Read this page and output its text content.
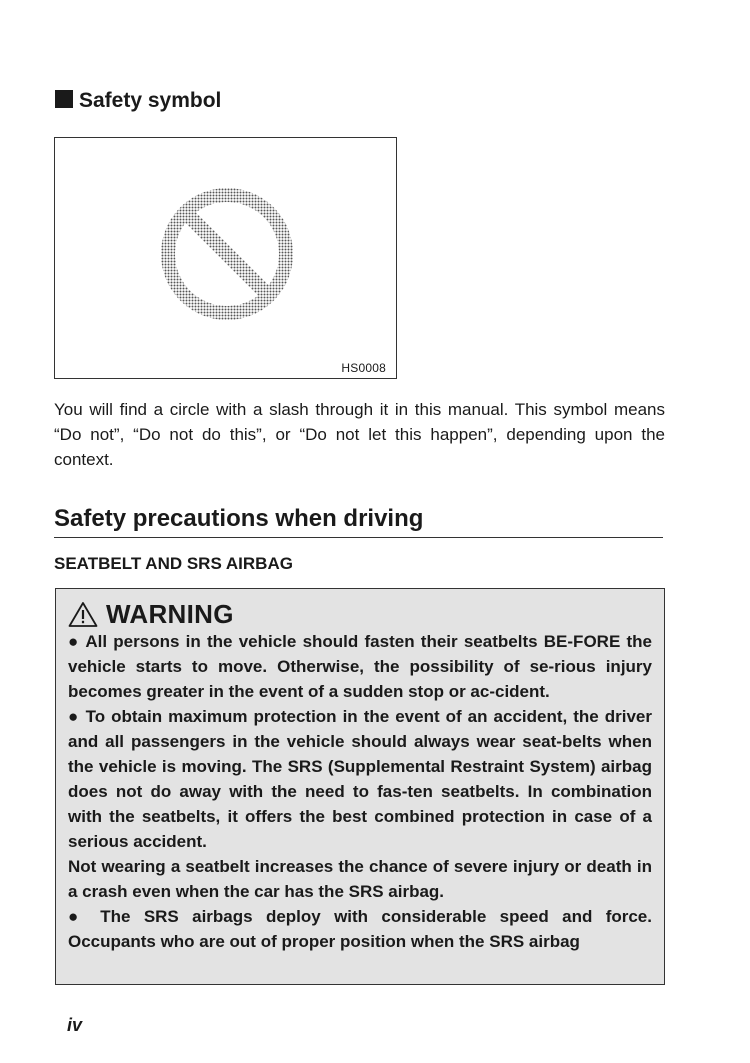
Safety symbol
HS0008

You will find a circle with a slash through it in this manual. This symbol means “Do not”, “Do not do this”, or “Do not let this happen”, depending upon the context.

Safety precautions when driving
SEATBELT AND SRS AIRBAG
WARNING

● All persons in the vehicle should fasten their seatbelts BE-FORE the vehicle starts to move. Otherwise, the possibility of se-rious injury becomes greater in the event of a sudden stop or ac-cident.

● To obtain maximum protection in the event of an accident, the driver and all passengers in the vehicle should always wear seat-belts when the vehicle is moving. The SRS (Supplemental Restraint System) airbag does not do away with the need to fas-ten seatbelts. In combination with the seatbelts, it offers the best combined protection in case of a serious accident.

Not wearing a seatbelt increases the chance of severe injury or death in a crash even when the car has the SRS airbag.

● The SRS airbags deploy with considerable speed and force. Occupants who are out of proper position when the SRS airbag

iv
